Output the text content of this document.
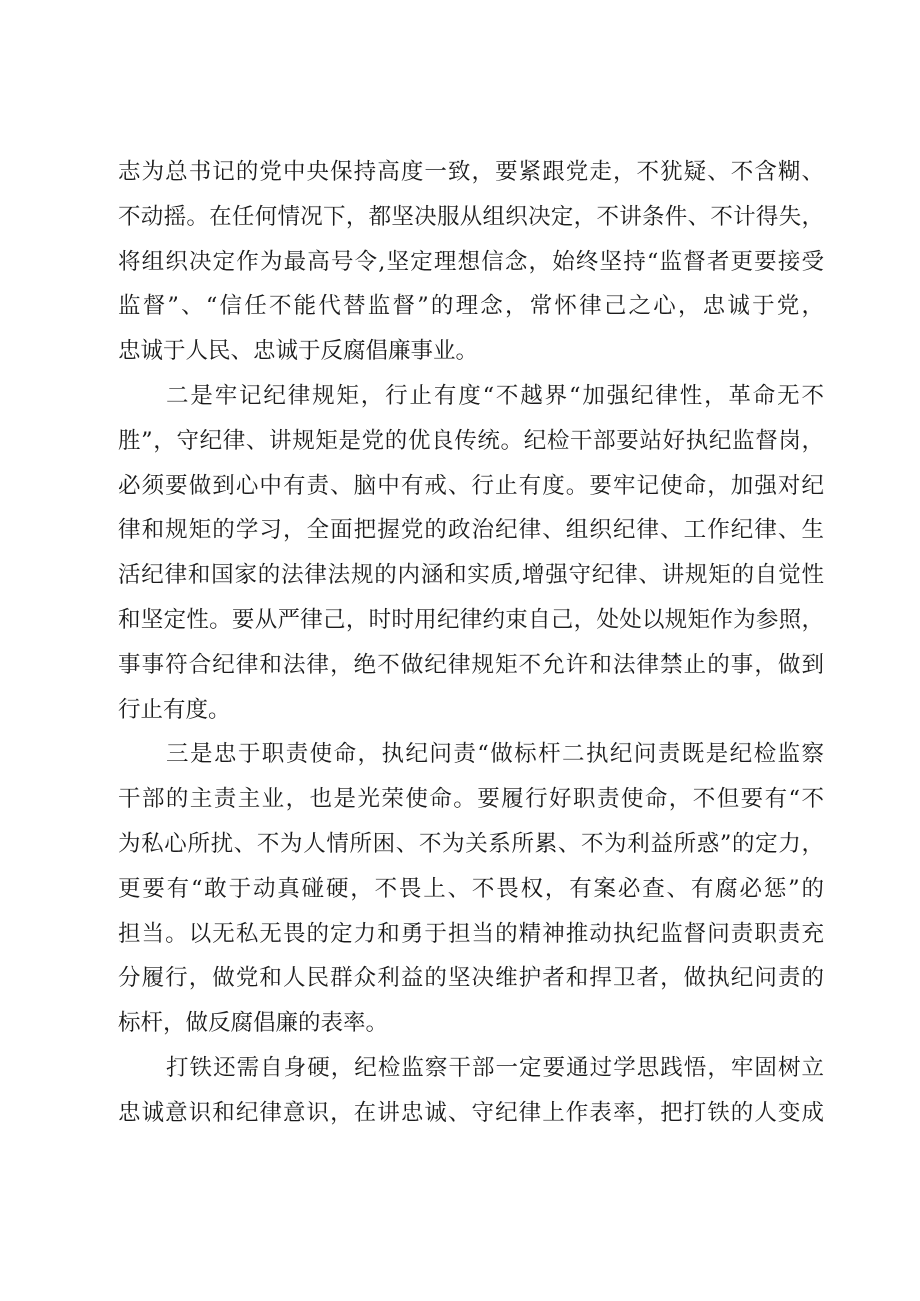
志为总书记的党中央保持高度一致，要紧跟党走，不犹疑、不含糊、
不动摇。在任何情况下，都坚决服从组织决定，不讲条件、不计得失，
将组织决定作为最高号令,坚定理想信念，始终坚持“监督者更要接受
监督”、“信任不能代替监督”的理念，常怀律己之心，忠诚于党，
忠诚于人民、忠诚于反腐倡廉事业。
二是牢记纪律规矩，行止有度“不越界“加强纪律性，革命无不
胜”，守纪律、讲规矩是党的优良传统。纪检干部要站好执纪监督岗，
必须要做到心中有责、脑中有戒、行止有度。要牢记使命，加强对纪
律和规矩的学习，全面把握党的政治纪律、组织纪律、工作纪律、生
活纪律和国家的法律法规的内涵和实质,增强守纪律、讲规矩的自觉性
和坚定性。要从严律己，时时用纪律约束自己，处处以规矩作为参照，
事事符合纪律和法律，绝不做纪律规矩不允许和法律禁止的事，做到
行止有度。
三是忠于职责使命，执纪问责“做标杆二执纪问责既是纪检监察
干部的主责主业，也是光荣使命。要履行好职责使命，不但要有“不
为私心所扰、不为人情所困、不为关系所累、不为利益所惑”的定力，
更要有“敢于动真碰硬，不畏上、不畏权，有案必查、有腐必惩”的
担当。以无私无畏的定力和勇于担当的精神推动执纪监督问责职责充
分履行，做党和人民群众利益的坚决维护者和捍卫者，做执纪问责的
标杆，做反腐倡廉的表率。
打铁还需自身硬，纪检监察干部一定要通过学思践悟，牢固树立
忠诚意识和纪律意识，在讲忠诚、守纪律上作表率，把打铁的人变成
